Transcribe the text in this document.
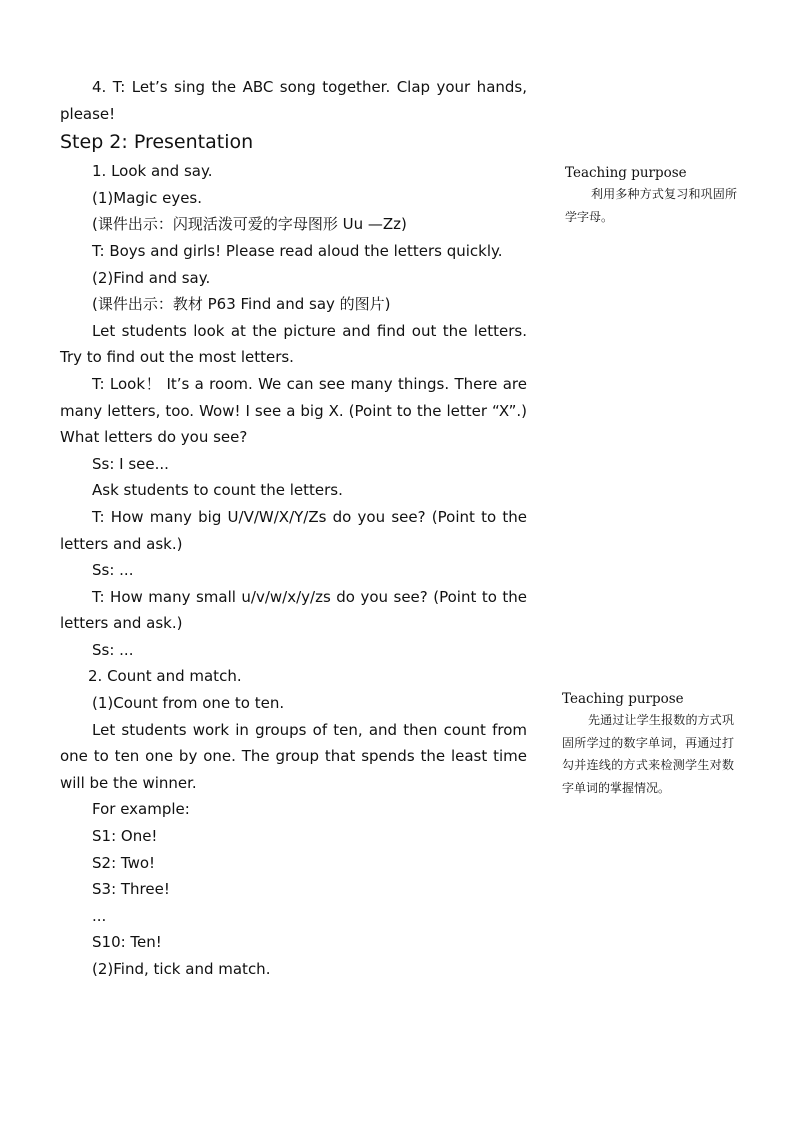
4. T: Let’s sing the ABC song together. Clap your hands, please!

Step 2: Presentation

1. Look and say.

(1)Magic eyes.

(课件出示：闪现活泼可爱的字母图形 Uu —Zz)

T: Boys and girls! Please read aloud the letters quickly.

(2)Find and say.

(课件出示：教材 P63 Find and say 的图片)

Let students look at the picture and find out the letters. Try to find out the most letters.

T: Look！ It’s a room. We can see many things. There are many letters, too. Wow! I see a big X. (Point to the letter “X”.) What letters do you see?

Ss: I see...

Ask students to count the letters.

T: How many big U/V/W/X/Y/Zs do you see? (Point to the letters and ask.)

Ss: ...

T: How many small u/v/w/x/y/zs do you see? (Point to the letters and ask.)

Ss: ...

2. Count and match.

(1)Count from one to ten.

Let students work in groups of ten, and then count from one to ten one by one. The group that spends the least time will be the winner.

For example:

S1: One!

S2: Two!

S3: Three!

...

S10: Ten!

(2)Find, tick and match.

Teaching purpose

利用多种方式复习和巩固所学字母。

Teaching purpose

先通过让学生报数的方式巩固所学过的数字单词，再通过打勾并连线的方式来检测学生对数字单词的掌握情况。
